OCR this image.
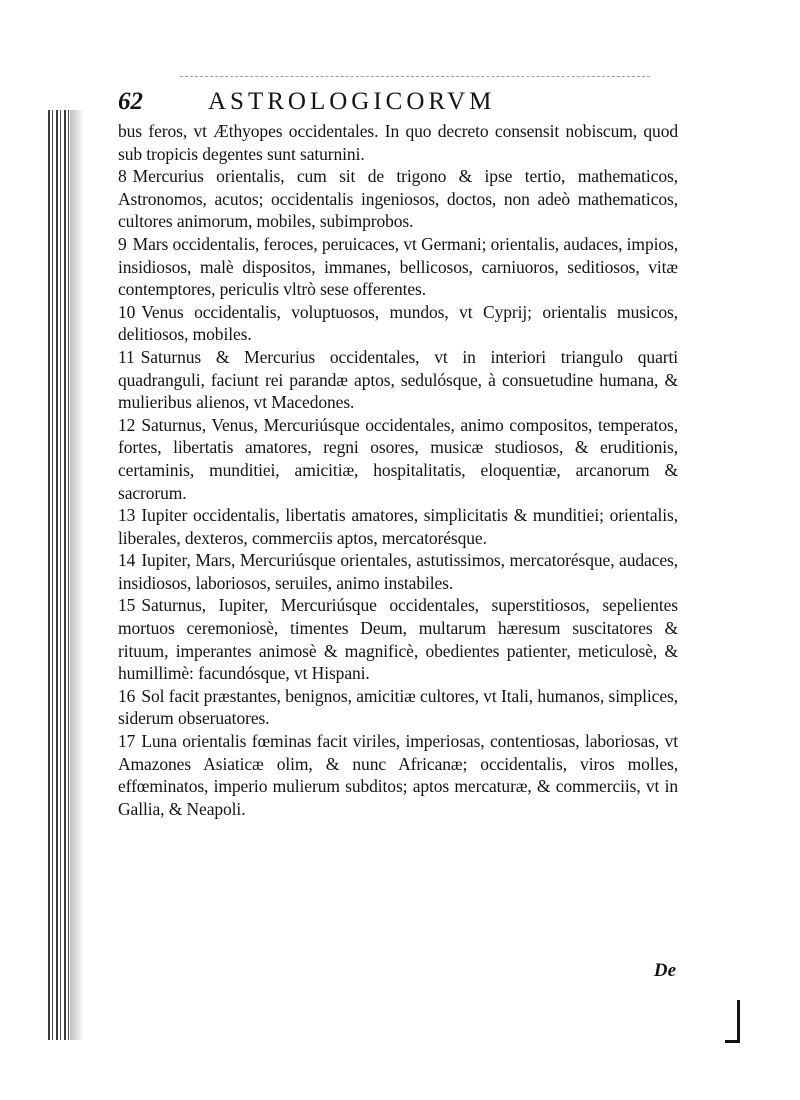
62	ASTROLOGICORVM

bus feros, vt Æthyopes occidentales. In quo decreto consensit nobiscum, quod sub tropicis degentes sunt saturnini.

8 Mercurius orientalis, cum sit de trigono & ipse tertio, mathematicos, Astronomos, acutos; occidentalis ingeniosos, doctos, non adeò mathematicos, cultores animorum, mobiles, subimprobos.

9 Mars occidentalis, feroces, peruicaces, vt Germani; orientalis, audaces, impios, insidiosos, malè dispositos, immanes, bellicosos, carniuoros, seditiosos, vitæ contemptores, periculis vltrò sese offerentes.

10 Venus occidentalis, voluptuosos, mundos, vt Cyprij; orientalis musicos, delitiosos, mobiles.

11 Saturnus & Mercurius occidentales, vt in interiori triangulo quarti quadranguli, faciunt rei parandæ aptos, sedulósque, à consuetudine humana, & mulieribus alienos, vt Macedones.

12 Saturnus, Venus, Mercuriúsque occidentales, animo compositos, temperatos, fortes, libertatis amatores, regni osores, musicæ studiosos, & eruditionis, certaminis, munditiei, amicitiæ, hospitalitatis, eloquentiæ, arcanorum & sacrorum.

13 Iupiter occidentalis, libertatis amatores, simplicitatis & munditiei; orientalis, liberales, dexteros, commerciis aptos, mercatorésque.

14 Iupiter, Mars, Mercuriúsque orientales, astutissimos, mercatorésque, audaces, insidiosos, laboriosos, seruiles, animo instabiles.

15 Saturnus, Iupiter, Mercuriúsque occidentales, superstitiosos, sepelientes mortuos ceremoniosè, timentes Deum, multarum hæresum suscitatores & rituum, imperantes animosè & magnificè, obedientes patienter, meticulosè, & humillimè: facundósque, vt Hispani.

16 Sol facit præstantes, benignos, amicitiæ cultores, vt Itali, humanos, simplices, siderum obseruatores.

17 Luna orientalis fœminas facit viriles, imperiosas, contentiosas, laboriosas, vt Amazones Asiaticæ olim, & nunc Africanæ; occidentalis, viros molles, effœminatos, imperio mulierum subditos; aptos mercaturæ, & commerciis, vt in Gallia, & Neapoli.

De
